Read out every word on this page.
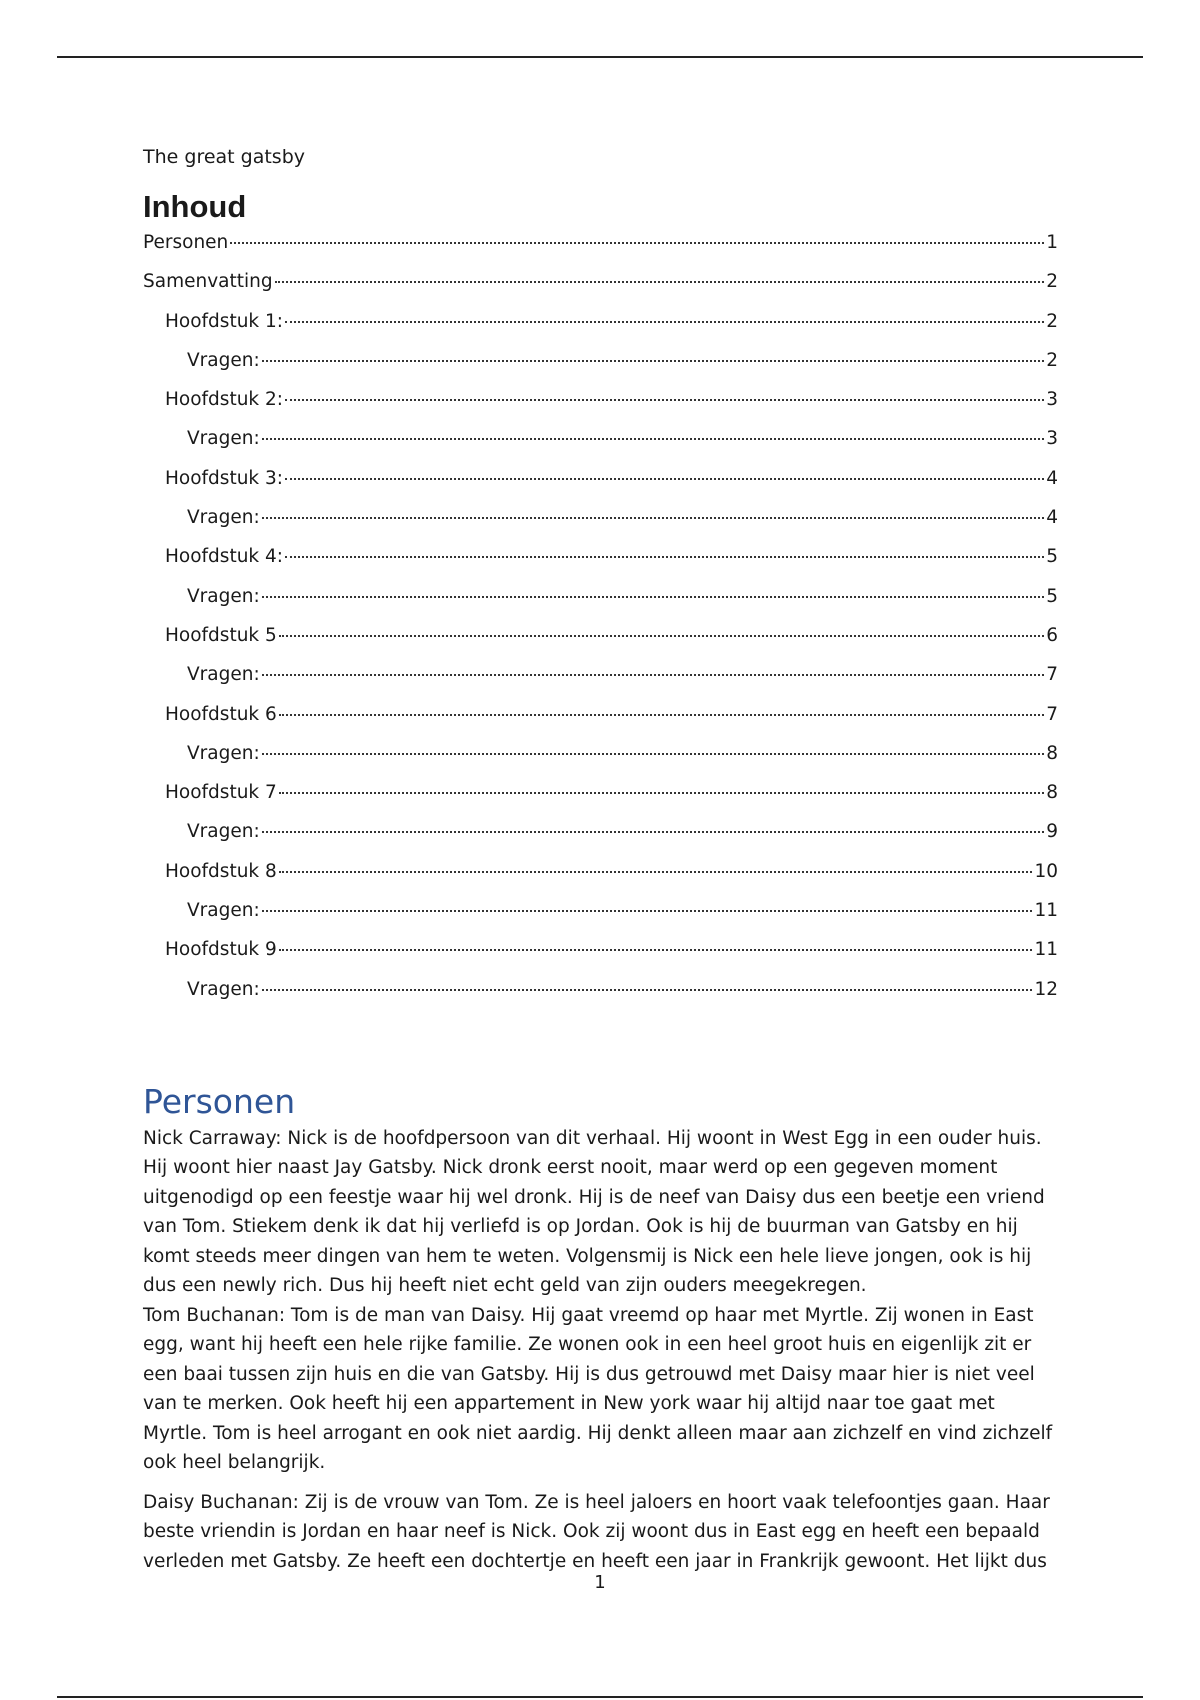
The great gatsby

Inhoud
Personen	1
Samenvatting	2
Hoofdstuk 1:	2
Vragen:	2
Hoofdstuk 2:	3
Vragen:	3
Hoofdstuk 3:	4
Vragen:	4
Hoofdstuk 4:	5
Vragen:	5
Hoofdstuk 5	6
Vragen:	7
Hoofdstuk 6	7
Vragen:	8
Hoofdstuk 7	8
Vragen:	9
Hoofdstuk 8	10
Vragen:	11
Hoofdstuk 9	11
Vragen:	12
Personen

Nick Carraway: Nick is de hoofdpersoon van dit verhaal. Hij woont in West Egg in een ouder huis. Hij woont hier naast Jay Gatsby. Nick dronk eerst nooit, maar werd op een gegeven moment uitgenodigd op een feestje waar hij wel dronk. Hij is de neef van Daisy dus een beetje een vriend van Tom. Stiekem denk ik dat hij verliefd is op Jordan. Ook is hij de buurman van Gatsby en hij komt steeds meer dingen van hem te weten. Volgensmij is Nick een hele lieve jongen, ook is hij dus een newly rich. Dus hij heeft niet echt geld van zijn ouders meegekregen.

Tom Buchanan: Tom is de man van Daisy. Hij gaat vreemd op haar met Myrtle. Zij wonen in East egg, want hij heeft een hele rijke familie. Ze wonen ook in een heel groot huis en eigenlijk zit er een baai tussen zijn huis en die van Gatsby. Hij is dus getrouwd met Daisy maar hier is niet veel van te merken. Ook heeft hij een appartement in New york waar hij altijd naar toe gaat met Myrtle. Tom is heel arrogant en ook niet aardig. Hij denkt alleen maar aan zichzelf en vind zichzelf ook heel belangrijk.

Daisy Buchanan: Zij is de vrouw van Tom. Ze is heel jaloers en hoort vaak telefoontjes gaan. Haar beste vriendin is Jordan en haar neef is Nick. Ook zij woont dus in East egg en heeft een bepaald verleden met Gatsby. Ze heeft een dochtertje en heeft een jaar in Frankrijk gewoont. Het lijkt dus

1
